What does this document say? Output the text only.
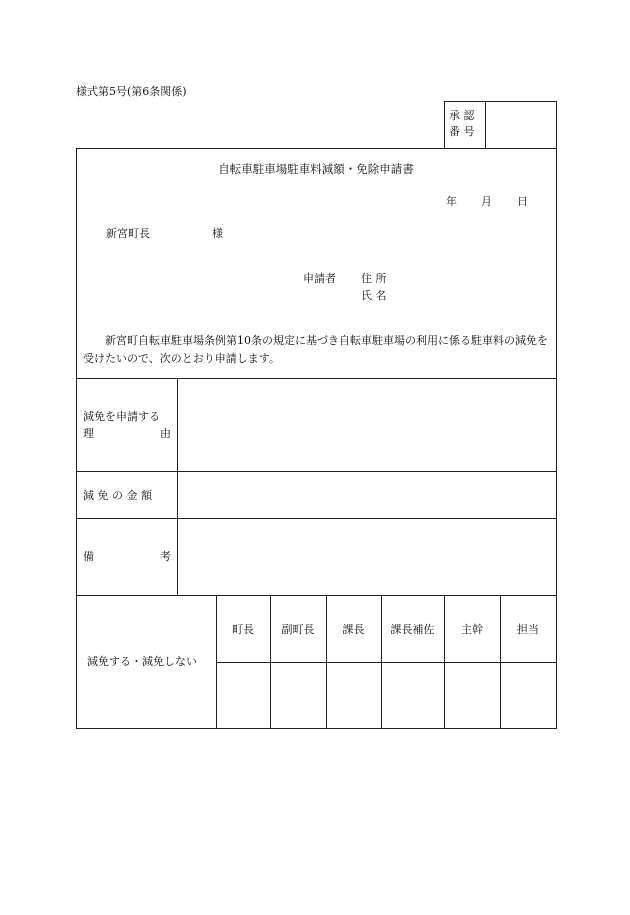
様式第5号(第6条関係)
承 認
番 号
自転車駐車場駐車料減額・免除申請書
年 月 日
新宮町長	様
申請者 住 所
氏 名
新宮町自転車駐車場条例第10条の規定に基づき自転車駐車場の利用に係る駐車料の減免を受けたいので、次のとおり申請します。
減免を申請する
理	由
減 免 の 金 額
備	考
減免する・減免しない
町長	副町長	課長	課長補佐	主幹	担当
